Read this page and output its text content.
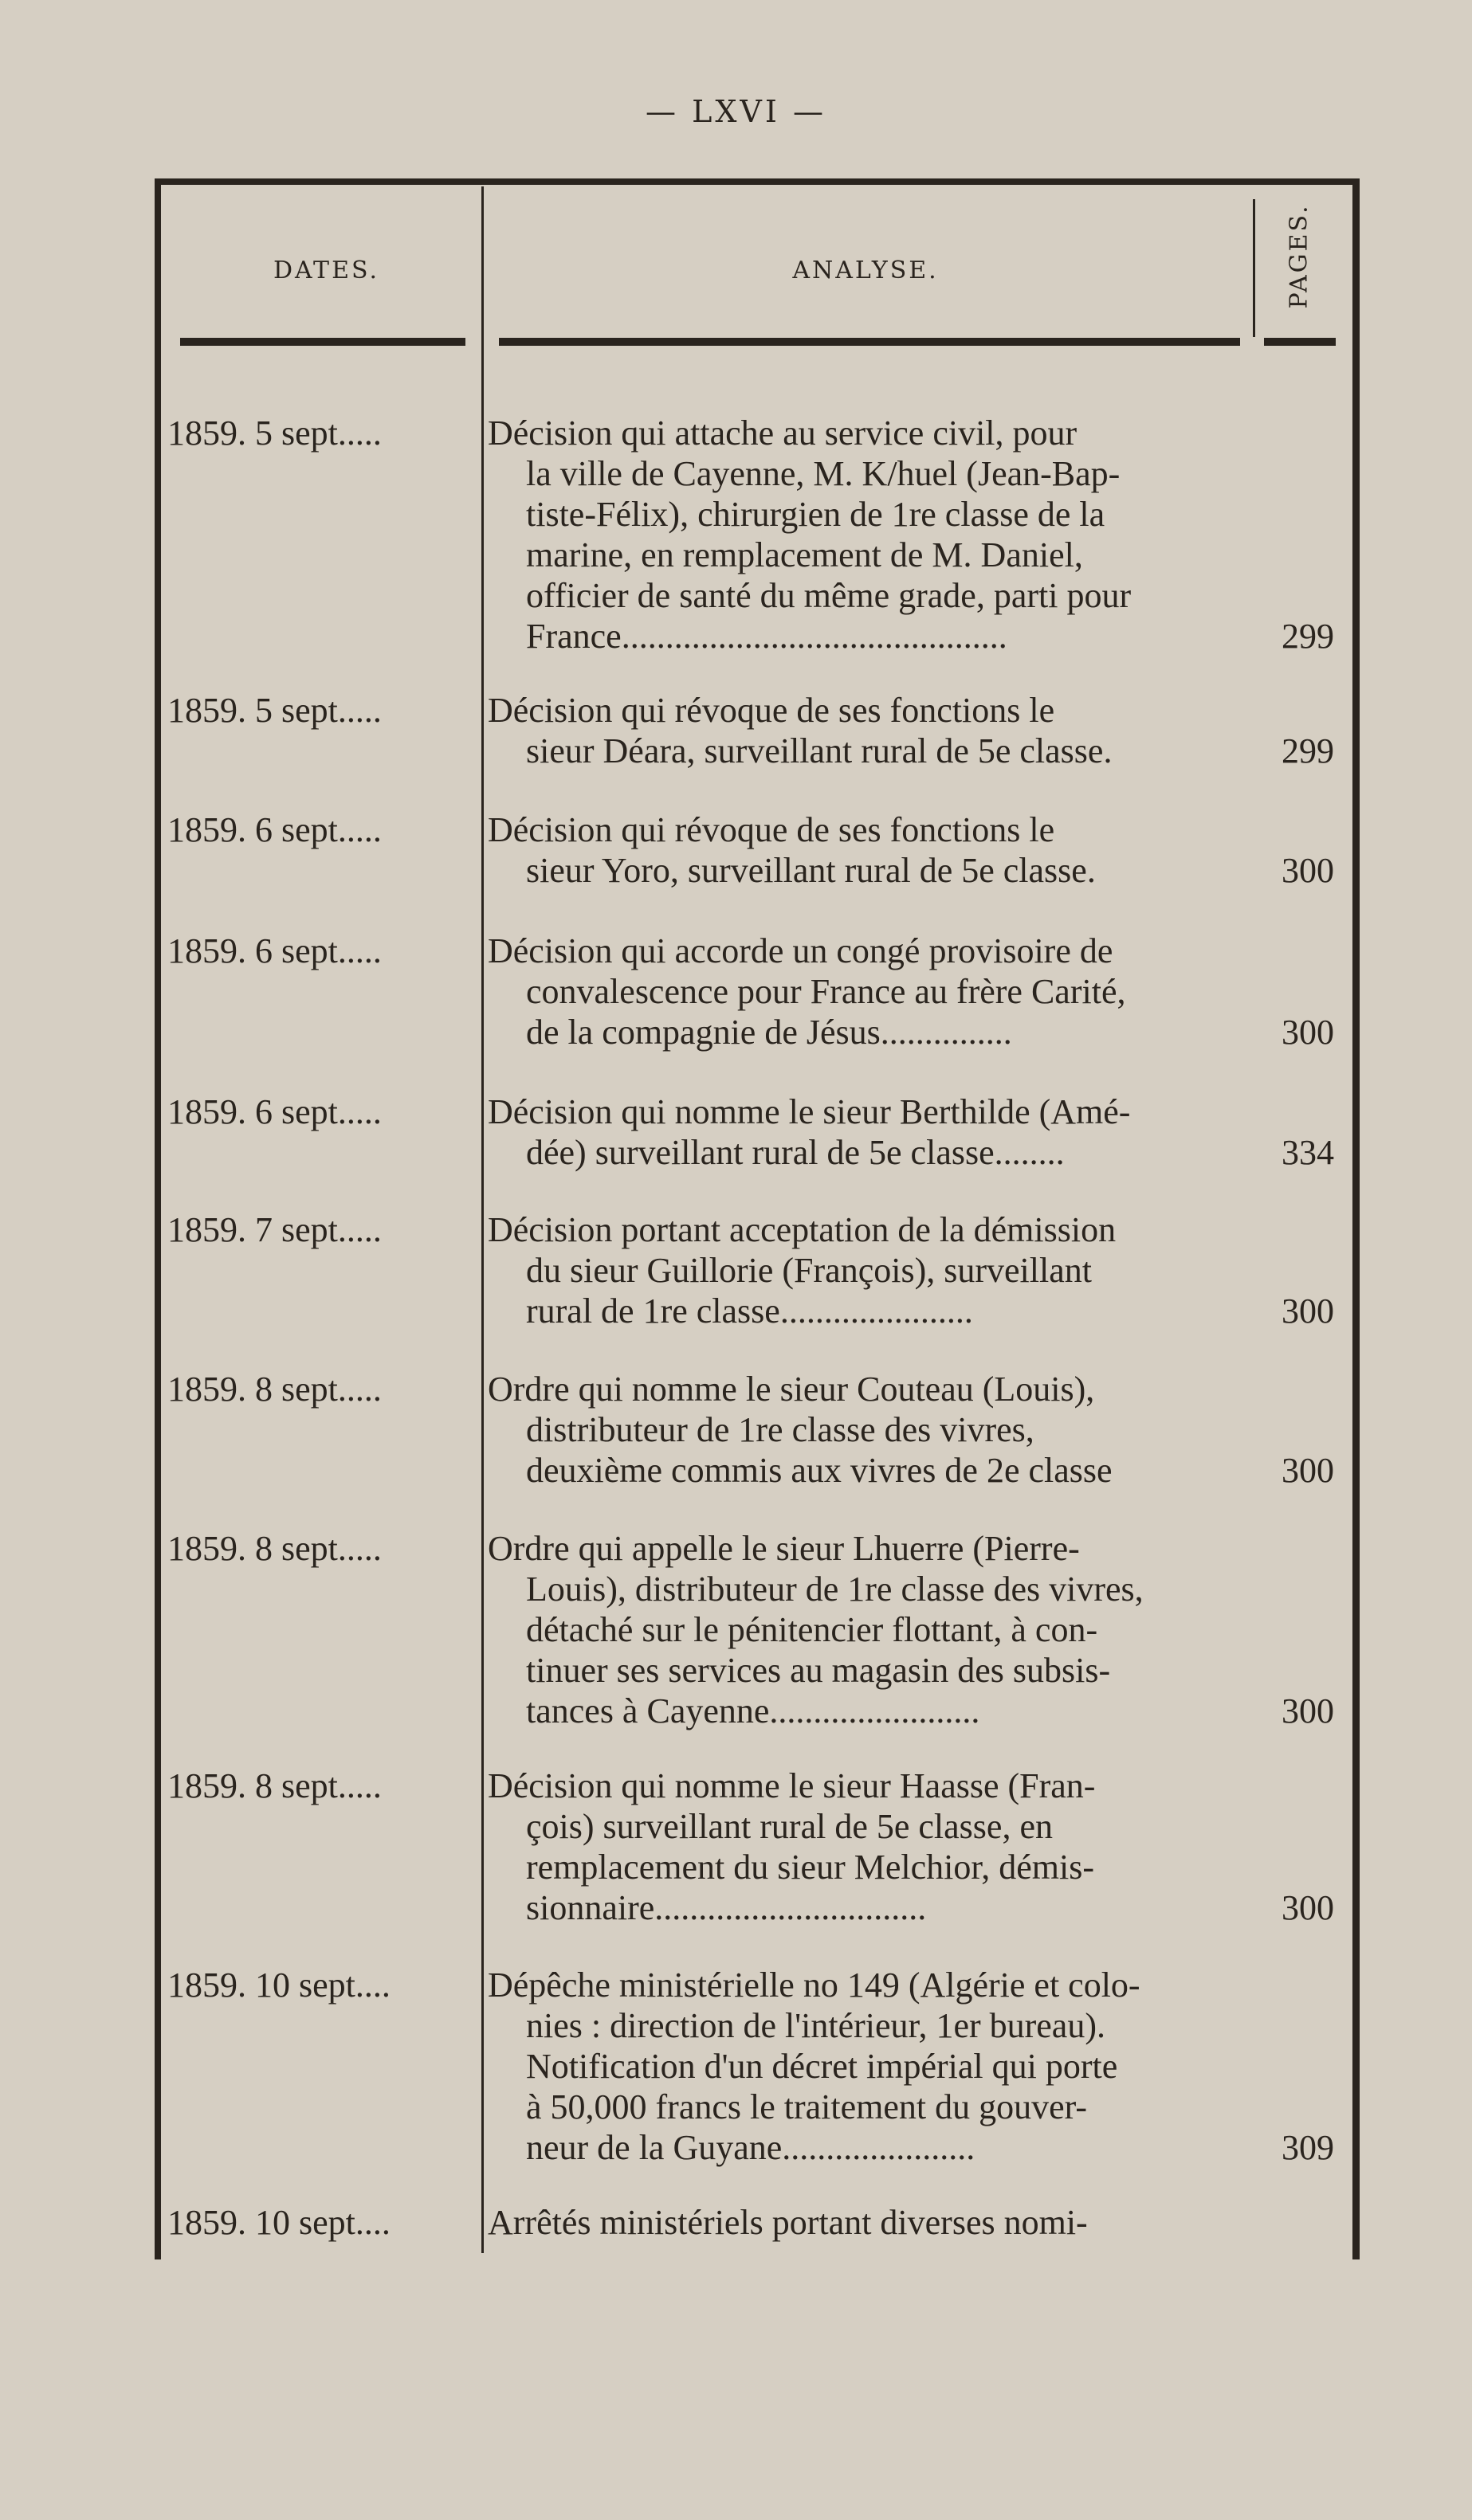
— LXVI —
DATES.	ANALYSE.	PAGES.
1859. 5 sept.....	Décision qui attache au service civil, pour
la ville de Cayenne, M. K/huel (Jean-Bap-
tiste-Félix), chirurgien de 1re classe de la
marine, en remplacement de M. Daniel,
officier de santé du même grade, parti pour
France............................................	299
1859. 5 sept.....	Décision qui révoque de ses fonctions le
sieur Déara, surveillant rural de 5e classe.	299
1859. 6 sept.....	Décision qui révoque de ses fonctions le
sieur Yoro, surveillant rural de 5e classe.	300
1859. 6 sept.....	Décision qui accorde un congé provisoire de
convalescence pour France au frère Carité,
de la compagnie de Jésus...............	300
1859. 6 sept.....	Décision qui nomme le sieur Berthilde (Amé-
dée) surveillant rural de 5e classe........	334
1859. 7 sept.....	Décision portant acceptation de la démission
du sieur Guillorie (François), surveillant
rural de 1re classe......................	300
1859. 8 sept.....	Ordre qui nomme le sieur Couteau (Louis),
distributeur de 1re classe des vivres,
deuxième commis aux vivres de 2e classe	300
1859. 8 sept.....	Ordre qui appelle le sieur Lhuerre (Pierre-
Louis), distributeur de 1re classe des vivres,
détaché sur le pénitencier flottant, à con-
tinuer ses services au magasin des subsis-
tances à Cayenne........................	300
1859. 8 sept.....	Décision qui nomme le sieur Haasse (Fran-
çois) surveillant rural de 5e classe, en
remplacement du sieur Melchior, démis-
sionnaire...............................	300
1859. 10 sept....	Dépêche ministérielle no 149 (Algérie et colo-
nies : direction de l'intérieur, 1er bureau).
Notification d'un décret impérial qui porte
à 50,000 francs le traitement du gouver-
neur de la Guyane......................	309
1859. 10 sept....	Arrêtés ministériels portant diverses nomi-
